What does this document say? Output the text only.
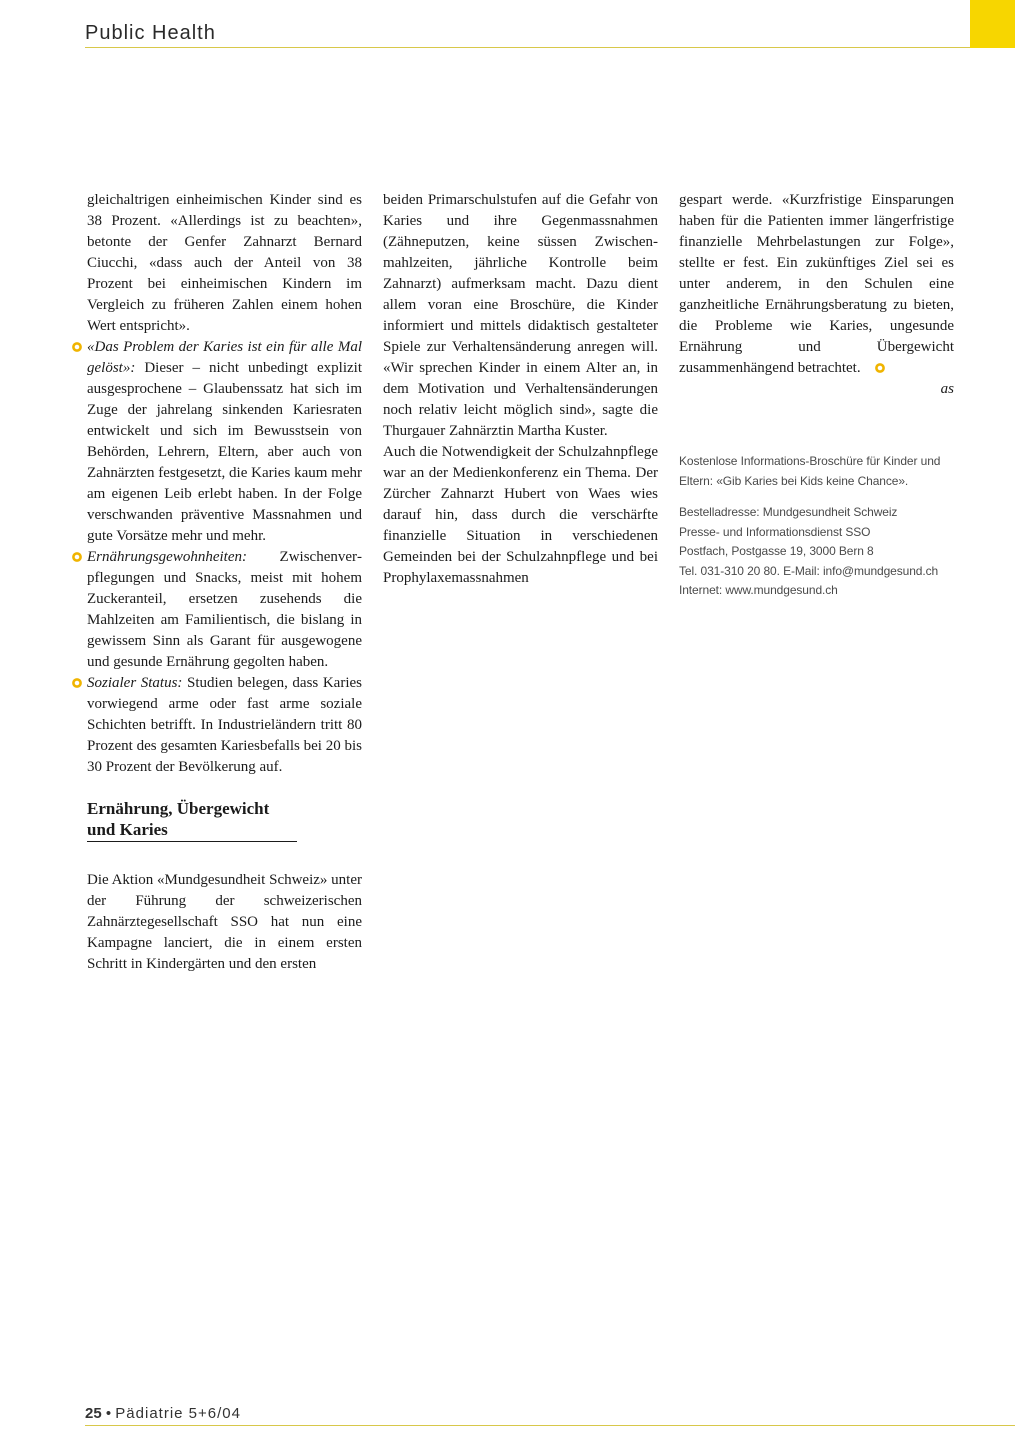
Public Health

gleichaltrigen einheimischen Kinder sind es 38 Prozent. «Allerdings ist zu beachten», betonte der Genfer Zahnarzt Bernard Ciucchi, «dass auch der Anteil von 38 Prozent bei einheimischen Kindern im Vergleich zu früheren Zahlen einem hohen Wert entspricht».

«Das Problem der Karies ist ein für alle Mal gelöst»: Dieser – nicht unbedingt explizit ausgesprochene – Glaubenssatz hat sich im Zuge der jahrelang sinkenden Kariesraten entwickelt und sich im Bewusstsein von Behörden, Lehrern, Eltern, aber auch von Zahnärzten festgesetzt, die Karies kaum mehr am eigenen Leib erlebt haben. In der Folge verschwanden präventive Massnahmen und gute Vorsätze mehr und mehr.

Ernährungsgewohnheiten: Zwischenverpflegungen und Snacks, meist mit hohem Zuckeranteil, ersetzen zusehends die Mahlzeiten am Familientisch, die bislang in gewissem Sinn als Garant für ausgewogene und gesunde Ernährung gegolten haben.

Sozialer Status: Studien belegen, dass Karies vorwiegend arme oder fast arme soziale Schichten betrifft. In Industrieländern tritt 80 Prozent des gesamten Kariesbefalls bei 20 bis 30 Prozent der Bevölkerung auf.

Ernährung, Übergewicht
und Karies

Die Aktion «Mundgesundheit Schweiz» unter der Führung der schweizerischen Zahnärztegesellschaft SSO hat nun eine Kampagne lanciert, die in einem ersten Schritt in Kindergärten und den ersten

beiden Primarschulstufen auf die Gefahr von Karies und ihre Gegenmassnahmen (Zähneputzen, keine süssen Zwischenmahlzeiten, jährliche Kontrolle beim Zahnarzt) aufmerksam macht. Dazu dient allem voran eine Broschüre, die Kinder informiert und mittels didaktisch gestalteter Spiele zur Verhaltensänderung anregen will. «Wir sprechen Kinder in einem Alter an, in dem Motivation und Verhaltensänderungen noch relativ leicht möglich sind», sagte die Thurgauer Zahnärztin Martha Kuster.

Auch die Notwendigkeit der Schulzahnpflege war an der Medienkonferenz ein Thema. Der Zürcher Zahnarzt Hubert von Waes wies darauf hin, dass durch die verschärfte finanzielle Situation in verschiedenen Gemeinden bei der Schulzahnpflege und bei Prophylaxemassnahmen

gespart werde. «Kurzfristige Einsparungen haben für die Patienten immer längerfristige finanzielle Mehrbelastungen zur Folge», stellte er fest. Ein zukünftiges Ziel sei es unter anderem, in den Schulen eine ganzheitliche Ernährungsberatung zu bieten, die Probleme wie Karies, ungesunde Ernährung und Übergewicht zusammenhängend betrachtet.

as

Kostenlose Informations-Broschüre für Kinder und
Eltern: «Gib Karies bei Kids keine Chance».

Bestelladresse: Mundgesundheit Schweiz
Presse- und Informationsdienst SSO
Postfach, Postgasse 19, 3000 Bern 8
Tel. 031-310 20 80. E-Mail: info@mundgesund.ch
Internet: www.mundgesund.ch

25 • Pädiatrie 5+6/04
